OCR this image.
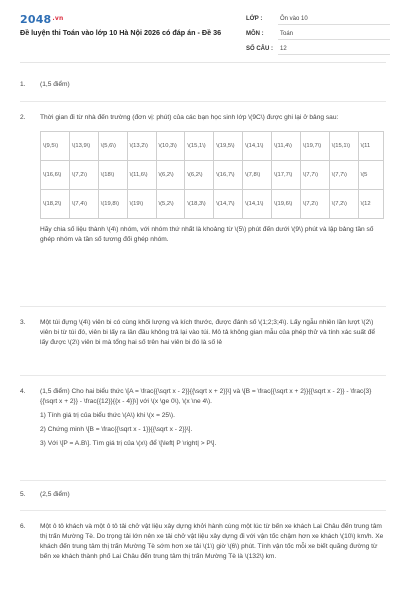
$2048^{.vn}$
Đề luyện thi Toán vào lớp 10 Hà Nội 2026 có đáp án - Đề 36
LỚP :	Ôn vào 10
MÔN :	Toán
SỐ CÂU :	12
1.	(1,5 điểm)

2.	Thời gian đi từ nhà đến trường (đơn vị: phút) của các bạn học sinh lớp \(9C\) được ghi lại ở bảng sau:

\(9,5\)	\(13,9\)	\(5,6\)	\(13,2\)	\(10,3\)	\(15,1\)	\(19,5\)	\(14,1\)	\(11,4\)	\(19,7\)	\(15,1\)	\(11
\(16,6\)	\(7,2\)	\(18\)	\(11,6\)	\(6,2\)	\(6,2\)	\(16,7\)	\(7,8\)	\(17,7\)	\(7,7\)	\(7,7\)	\(5
\(18,2\)	\(7,4\)	\(19,8\)	\(19\)	\(5,2\)	\(18,3\)	\(14,7\)	\(14,1\)	\(19,6\)	\(7,2\)	\(7,2\)	\(12

Hãy chia số liệu thành \(4\) nhóm, với nhóm thứ nhất là khoảng từ \(5\) phút đến dưới \(9\) phút và lập bảng tần số ghép nhóm và tần số tương đối ghép nhóm.

3.	Một túi đựng \(4\) viên bi có cùng khối lượng và kích thước, được đánh số \(1;2;3;4\). Lấy ngẫu nhiên lần lượt \(2\) viên bi từ túi đó, viên bi lấy ra lần đầu không trả lại vào túi. Mô tả không gian mẫu của phép thử và tính xác suất để lấy được \(2\) viên bi mà tổng hai số trên hai viên bi đó là số lẻ

4.	(1,5 điểm) Cho hai biểu thức \[A = \frac{{\sqrt x - 2}}{{\sqrt x + 2}}\] và \[B = \frac{{\sqrt x + 2}}{{\sqrt x - 2}} - \frac{3}{{\sqrt x + 2}} - \frac{{12}}{{x - 4}}\] với \(x \ge 0\), \(x \ne 4\).

1) Tính giá trị của biểu thức \(A\) khi \(x = 25\).

2) Chứng minh \[B = \frac{{\sqrt x - 1}}{{\sqrt x - 2}}\].

3) Với \[P = A.B\]. Tìm giá trị của \(x\) để \[\left| P \right| > P\].

5.	(2,5 điểm)

6.	Một ô tô khách và một ô tô tải chở vật liệu xây dựng khởi hành cùng một lúc từ bến xe khách Lai Châu đến trung tâm thị trấn Mường Tè. Do trọng tải lớn nên xe tải chở vật liệu xây dựng đi với vận tốc chậm hơn xe khách \(10\) km/h. Xe khách đến trung tâm thị trấn Mường Tè sớm hơn xe tải \(1\) giờ \(6\) phút. Tính vận tốc mỗi xe biết quãng đường từ bến xe khách thành phố Lai Châu đến trung tâm thị trấn Mường Tè là \(132\) km.
